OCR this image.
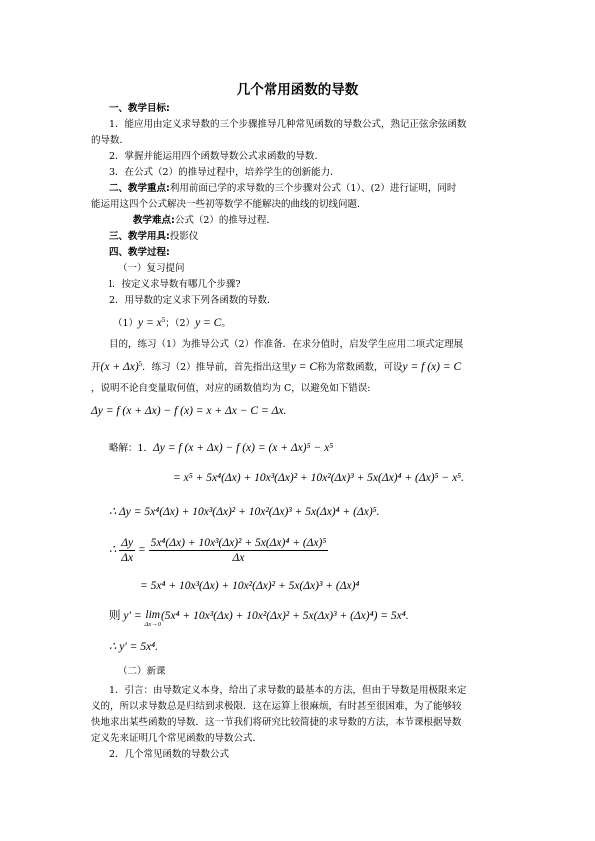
几个常用函数的导数
一、教学目标:
1．能应用由定义求导数的三个步骤推导几种常见函数的导数公式，熟记正弦余弦函数
的导数．
2．掌握并能运用四个函数导数公式求函数的导数．
3．在公式（2）的推导过程中，培养学生的创新能力．
二、教学重点:利用前面已学的求导数的三个步骤对公式（1）、(2）进行证明，同时
能运用这四个公式解决一些初等数学不能解决的曲线的切线问题．
教学难点:公式（2）的推导过程．
三、教学用具:投影仪
四、教学过程:
（一）复习提问
l．按定义求导数有哪几个步骤?
2．用导数的定义求下列各函数的导数．
$(1)y = x^5$；（2）y = C。
目的，练习（1）为推导公式（2）作准备．在求分值时，启发学生应用二项式定理展
开$(x + \Delta x)^5$．练习（2）推导前，首先指出这里y = C称为常数函数，可设y = f (x) = C
，说明不论自变量取何值，对应的函数值均为 C，以避免如下错误:
Δy = f (x + Δx) − f (x) = x + Δx − C = Δx.
略解：1．Δy = f (x + Δx) − f (x) = (x + Δx)⁵ − x⁵
= x⁵ + 5x⁴(Δx) + 10x³(Δx)² + 10x²(Δx)³ + 5x(Δx)⁴ + (Δx)⁵ − x⁵.
∴ Δy = 5x⁴(Δx) + 10x³(Δx)² + 10x²(Δx)³ + 5x(Δx)⁴ + (Δx)⁵.
∴ $\frac{\Delta y}{\Delta x} = \frac{\text{5x⁴(Δx) + 10x³(Δx)² + 5x(Δx)⁴ + (Δx)⁵}}{\Delta x}$
= 5x⁴ + 10x³(Δx) + 10x²(Δx)² + 5x(Δx)³ + (Δx)⁴
则 y′ = lim
Δx→0
(5x⁴ + 10x³(Δx) + 10x²(Δx)² + 5x(Δx)³ + (Δx)⁴) = 5x⁴.
∴ y′ = 5x⁴.
（二）新课
1．引言：由导数定义本身，给出了求导数的最基本的方法，但由于导数是用极限来定
义的，所以求导数总是归结到求极限．这在运算上很麻烦，有时甚至很困难，为了能够较
快地求出某些函数的导数．这一节我们将研究比较简捷的求导数的方法，本节课根据导数
定义先来证明几个常见函数的导数公式．
2．几个常见函数的导数公式
